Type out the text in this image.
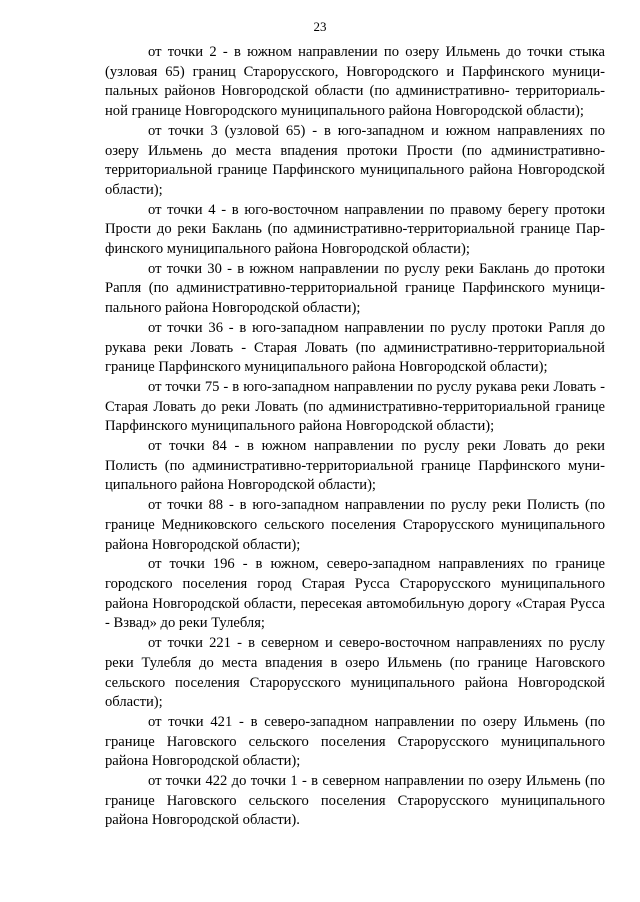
23

от точки 2 - в южном направлении по озеру Ильмень до точки стыка (узловая 65) границ Старорусского, Новгородского и Парфинского муниципальных районов Новгородской области (по административно- территориальной границе Новгородского муниципального района Новгородской области);

от точки 3 (узловой 65) - в юго-западном и южном направлениях по озеру Ильмень до места впадения протоки Прости (по административно-территориальной границе Парфинского муниципального района Новгородской области);

от точки 4 - в юго-восточном направлении по правому берегу протоки Прости до реки Баклань (по административно-территориальной границе Парфинского муниципального района Новгородской области);

от точки 30 - в южном направлении по руслу реки Баклань до протоки Рапля (по административно-территориальной границе Парфинского муниципального района Новгородской области);

от точки 36 - в юго-западном направлении по руслу протоки Рапля до рукава реки Ловать - Старая Ловать (по административно-территориальной границе Парфинского муниципального района Новгородской области);

от точки 75 - в юго-западном направлении по руслу рукава реки Ловать - Старая Ловать до реки Ловать (по административно-территориальной границе Парфинского муниципального района Новгородской области);

от точки 84 - в южном направлении по руслу реки Ловать до реки Полисть (по административно-территориальной границе Парфинского муниципального района Новгородской области);

от точки 88 - в юго-западном направлении по руслу реки Полисть (по границе Медниковского сельского поселения Старорусского муниципального района Новгородской области);

от точки 196 - в южном, северо-западном направлениях по границе городского поселения город Старая Русса Старорусского муниципального района Новгородской области, пересекая автомобильную дорогу «Старая Русса - Взвад» до реки Тулебля;

от точки 221 - в северном и северо-восточном направлениях по руслу реки Тулебля до места впадения в озеро Ильмень (по границе Наговского сельского поселения Старорусского муниципального района Новгородской области);

от точки 421 - в северо-западном направлении по озеру Ильмень (по границе Наговского сельского поселения Старорусского муниципального района Новгородской области);

от точки 422 до точки 1 - в северном направлении по озеру Ильмень (по границе Наговского сельского поселения Старорусского муниципального района Новгородской области).
